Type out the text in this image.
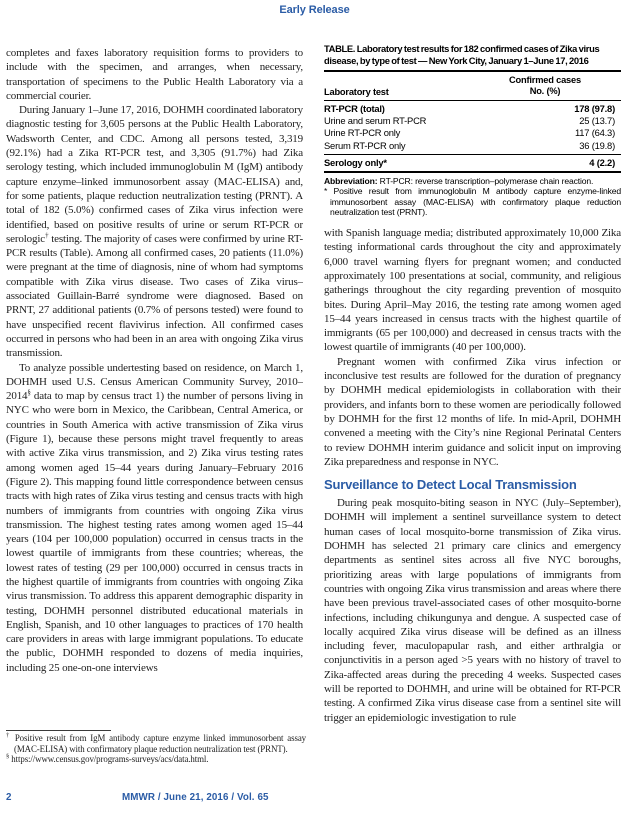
Early Release

completes and faxes laboratory requisition forms to providers to include with the specimen, and arranges, when necessary, transportation of specimens to the Public Health Laboratory via a commercial courier.

During January 1–June 17, 2016, DOHMH coordinated laboratory diagnostic testing for 3,605 persons at the Public Health Laboratory, Wadsworth Center, and CDC. Among all persons tested, 3,319 (92.1%) had a Zika RT-PCR test, and 3,305 (91.7%) had Zika serology testing, which included immunoglobulin M (IgM) antibody capture enzyme–linked immunosorbent assay (MAC-ELISA) and, for some patients, plaque reduction neutralization testing (PRNT). A total of 182 (5.0%) confirmed cases of Zika virus infection were identified, based on positive results of urine or serum RT-PCR or serologic† testing. The majority of cases were confirmed by urine RT-PCR results (Table). Among all confirmed cases, 20 patients (11.0%) were pregnant at the time of diagnosis, nine of whom had symptoms compatible with Zika virus disease. Two cases of Zika virus–associated Guillain-Barré syndrome were diagnosed. Based on PRNT, 27 additional patients (0.7% of persons tested) were found to have unspecified recent flavivirus infection. All confirmed cases occurred in persons who had been in an area with ongoing Zika virus transmission.

To analyze possible undertesting based on residence, on March 1, DOHMH used U.S. Census American Community Survey, 2010–2014§ data to map by census tract 1) the number of persons living in NYC who were born in Mexico, the Caribbean, Central America, or countries in South America with active transmission of Zika virus (Figure 1), because these persons might travel frequently to areas with active Zika virus transmission, and 2) Zika virus testing rates among women aged 15–44 years during January–February 2016 (Figure 2). This mapping found little correspondence between census tracts with high rates of Zika virus testing and census tracts with high numbers of immigrants from countries with ongoing Zika virus transmission. The highest testing rates among women aged 15–44 years (104 per 100,000 population) occurred in census tracts in the lowest quartile of immigrants from these countries; whereas, the lowest rates of testing (29 per 100,000) occurred in census tracts in the highest quartile of immigrants from countries with ongoing Zika virus transmission. To address this apparent demographic disparity in testing, DOHMH personnel distributed educational materials in English, Spanish, and 10 other languages to practices of 170 health care providers in areas with large immigrant populations. To educate the public, DOHMH responded to dozens of media inquiries, including 25 one-on-one interviews

TABLE. Laboratory test results for 182 confirmed cases of Zika virus disease, by type of test — New York City, January 1–June 17, 2016
Laboratory test
Confirmed cases
No. (%)
RT-PCR (total)	178 (97.8)
Urine and serum RT-PCR	25 (13.7)
Urine RT-PCR only	117 (64.3)
Serum RT-PCR only	36 (19.8)
Serology only*	4 (2.2)
Abbreviation: RT-PCR: reverse transcription–polymerase chain reaction.
* Positive result from immunoglobulin M antibody capture enzyme-linked immunosorbent assay (MAC-ELISA) with confirmatory plaque reduction neutralization test (PRNT).

with Spanish language media; distributed approximately 10,000 Zika testing informational cards throughout the city and approximately 6,000 travel warning flyers for pregnant women; and conducted approximately 100 presentations at social, community, and religious gatherings throughout the city regarding prevention of mosquito bites. During April–May 2016, the testing rate among women aged 15–44 years increased in census tracts with the highest quartile of immigrants (65 per 100,000) and decreased in census tracts with the lowest quartile of immigrants (40 per 100,000).

Pregnant women with confirmed Zika virus infection or inconclusive test results are followed for the duration of pregnancy by DOHMH medical epidemiologists in collaboration with their providers, and infants born to these women are periodically followed by DOHMH for the first 12 months of life. In mid-April, DOHMH convened a meeting with the City’s nine Regional Perinatal Centers to review DOHMH interim guidance and solicit input on improving Zika preparedness and response in NYC.

Surveillance to Detect Local Transmission

During peak mosquito-biting season in NYC (July–September), DOHMH will implement a sentinel surveillance system to detect human cases of local mosquito-borne transmission of Zika virus. DOHMH has selected 21 primary care clinics and emergency departments as sentinel sites across all five NYC boroughs, prioritizing areas with large populations of immigrants from countries with ongoing Zika virus transmission and areas where there have been previous travel-associated cases of other mosquito-borne infections, including chikungunya and dengue. A suspected case of locally acquired Zika virus disease will be defined as an illness including fever, maculopapular rash, and either arthralgia or conjunctivitis in a person aged >5 years with no history of travel to Zika-affected areas during the preceding 4 weeks. Suspected cases will be reported to DOHMH, and urine will be obtained for RT-PCR testing. A confirmed Zika virus disease case from a sentinel site will trigger an epidemiologic investigation to rule

† Positive result from IgM antibody capture enzyme linked immunosorbent assay (MAC-ELISA) with confirmatory plaque reduction neutralization test (PRNT).
§ https://www.census.gov/programs-surveys/acs/data.html.
2	MMWR / June 21, 2016 / Vol. 65
